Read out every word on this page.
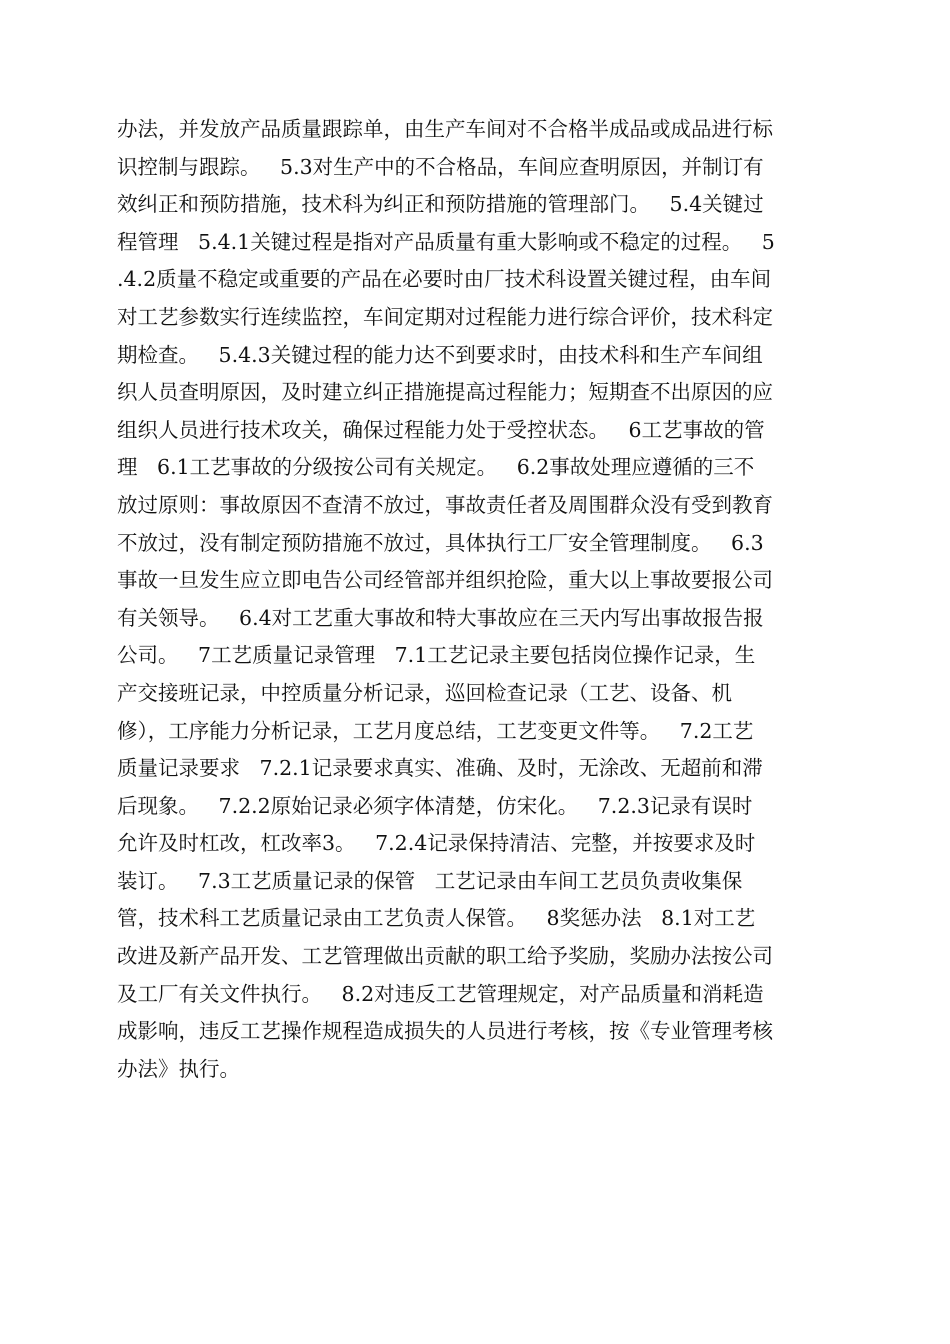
办法，并发放产品质量跟踪单，由生产车间对不合格半成品或成品进行标
识控制与跟踪。   5.3对生产中的不合格品，车间应查明原因，并制订有
效纠正和预防措施，技术科为纠正和预防措施的管理部门。   5.4关键过
程管理   5.4.1关键过程是指对产品质量有重大影响或不稳定的过程。   5
.4.2质量不稳定或重要的产品在必要时由厂技术科设置关键过程，由车间
对工艺参数实行连续监控，车间定期对过程能力进行综合评价，技术科定
期检查。   5.4.3关键过程的能力达不到要求时，由技术科和生产车间组
织人员查明原因，及时建立纠正措施提高过程能力；短期查不出原因的应
组织人员进行技术攻关，确保过程能力处于受控状态。   6工艺事故的管
理   6.1工艺事故的分级按公司有关规定。   6.2事故处理应遵循的三不
放过原则：事故原因不查清不放过，事故责任者及周围群众没有受到教育
不放过，没有制定预防措施不放过，具体执行工厂安全管理制度。   6.3
事故一旦发生应立即电告公司经管部并组织抢险，重大以上事故要报公司
有关领导。   6.4对工艺重大事故和特大事故应在三天内写出事故报告报
公司。   7工艺质量记录管理   7.1工艺记录主要包括岗位操作记录，生
产交接班记录，中控质量分析记录，巡回检查记录（工艺、设备、机
修），工序能力分析记录，工艺月度总结，工艺变更文件等。   7.2工艺
质量记录要求   7.2.1记录要求真实、准确、及时，无涂改、无超前和滞
后现象。   7.2.2原始记录必须字体清楚，仿宋化。   7.2.3记录有误时
允许及时杠改，杠改率3。   7.2.4记录保持清洁、完整，并按要求及时
装订。   7.3工艺质量记录的保管   工艺记录由车间工艺员负责收集保
管，技术科工艺质量记录由工艺负责人保管。   8奖惩办法   8.1对工艺
改进及新产品开发、工艺管理做出贡献的职工给予奖励，奖励办法按公司
及工厂有关文件执行。   8.2对违反工艺管理规定，对产品质量和消耗造
成影响，违反工艺操作规程造成损失的人员进行考核，按《专业管理考核
办法》执行。
